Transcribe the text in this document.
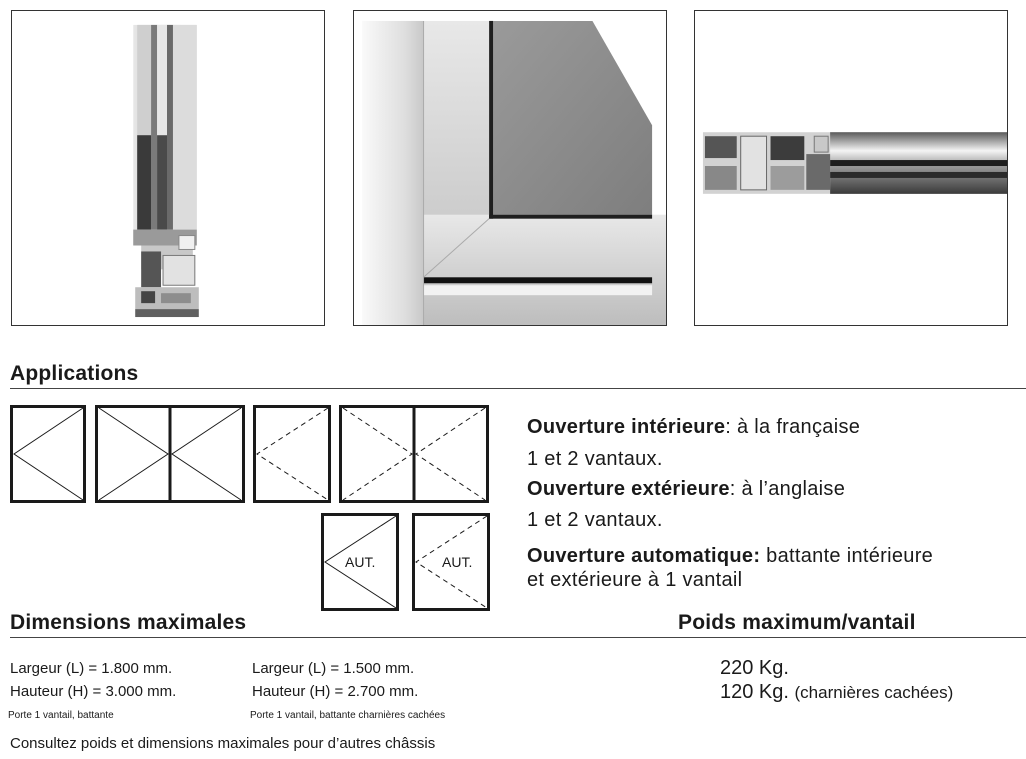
Applications
AUT.	AUT.
Ouverture intérieure: à la française
1 et 2 vantaux.
Ouverture extérieure: à l’anglaise
1 et 2 vantaux.
Ouverture automatique: battante intérieure
et extérieure à 1 vantail
Dimensions maximales	Poids maximum/vantail
Largeur (L) = 1.800 mm.
Hauteur (H) = 3.000 mm.
Porte 1 vantail, battante
Largeur (L) = 1.500 mm.
Hauteur (H) = 2.700 mm.
Porte 1 vantail, battante charnières cachées
Consultez poids et dimensions maximales pour d’autres châssis
220 Kg.
120 Kg. (charnières cachées)
